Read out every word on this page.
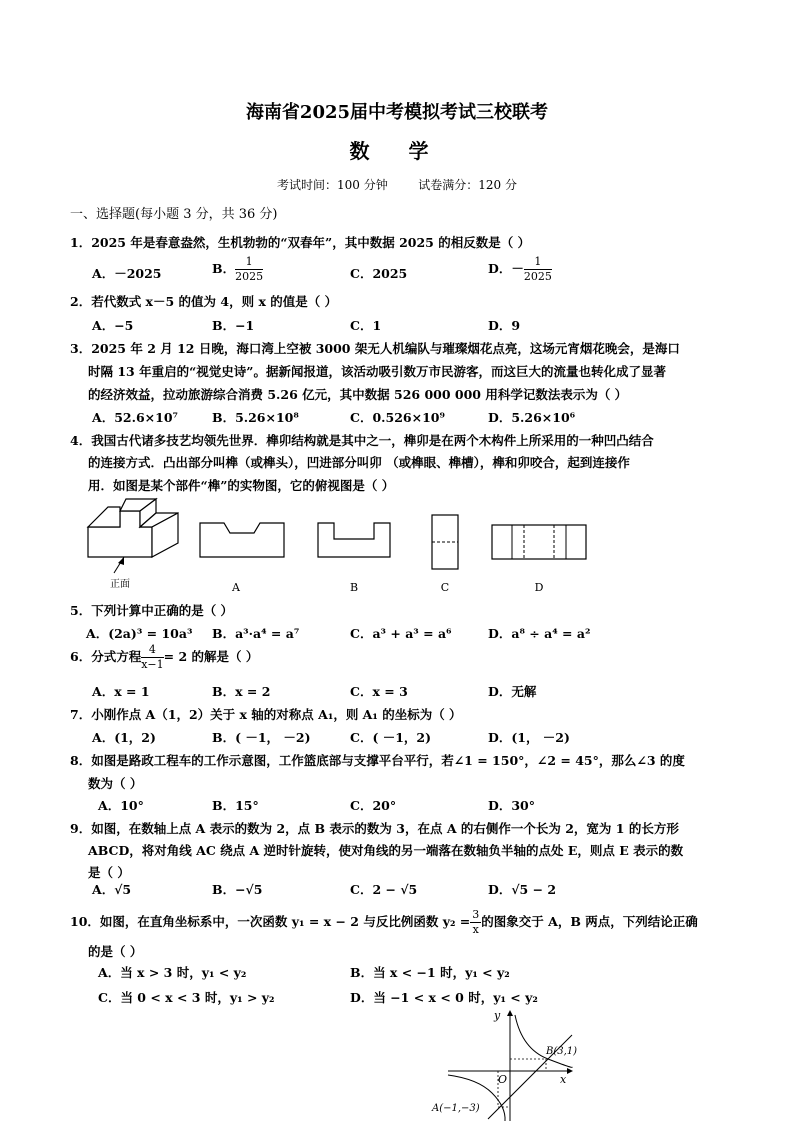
海南省2025届中考模拟考试三校联考
数 学
考试时间：100 分钟        试卷满分：120 分
一、选择题(每小题 3 分，共 36 分)
1．2025 年是春意盎然，生机勃勃的“双春年”，其中数据 2025 的相反数是（ ）
A．－2025	B． $\frac{1}{2025}$	C．2025	D．－ $\frac{1}{2025}$
2．若代数式 x－5 的值为 4，则 x 的值是（ ）
A．−5	B．−1	C．1	D．9
3．2025 年 2 月 12 日晚，海口湾上空被 3000 架无人机编队与璀璨烟花点亮，这场元宵烟花晚会，是海口
时隔 13 年重启的“视觉史诗”。据新闻报道，该活动吸引数万市民游客，而这巨大的流量也转化成了显著
的经济效益，拉动旅游综合消费 5.26 亿元，其中数据 526 000 000 用科学记数法表示为（ ）
A．52.6×10⁷	B．5.26×10⁸	C．0.526×10⁹	D．5.26×10⁶
4．我国古代诸多技艺均领先世界．榫卯结构就是其中之一，榫卯是在两个木构件上所采用的一种凹凸结合
的连接方式．凸出部分叫榫（或榫头），凹进部分叫卯 （或榫眼、榫槽），榫和卯咬合，起到连接作
用．如图是某个部件“榫”的实物图，它的俯视图是（ ）
正面	A	B	C	D
5．下列计算中正确的是（ ）
A．(2a)³ = 10a³ B．a³·a⁴ = a⁷	C．a³ + a³ = a⁶	D．a⁸ ÷ a⁴ = a²
6．分式方程 $\frac{4}{x-1} = 2$ 的解是（ ）
A．x = 1	B．x = 2	C．x = 3	D．无解
7．小刚作点 A（1，2）关于 x 轴的对称点 A₁，则 A₁ 的坐标为（ ）
A．(1，2)	B．( －1， －2)	C．( －1，2)	D．(1， －2)
8．如图是路政工程车的工作示意图，工作篮底部与支撑平台平行，若∠1 = 150°，∠2 = 45°，那么∠3 的度
数为（ ）
A．10°	B．15°	C．20°	D．30°
9．如图，在数轴上点 A 表示的数为 2，点 B 表示的数为 3，在点 A 的右侧作一个长为 2，宽为 1 的长方形
ABCD，将对角线 AC 绕点 A 逆时针旋转，使对角线的另一端落在数轴负半轴的点处 E，则点 E 表示的数
是（ ）
A．√5	B．−√5	C．2 − √5	D．√5 − 2
10．如图，在直角坐标系中，一次函数 y₁ = x − 2 与反比例函数 $y_2 = \frac{3}{x}$ 的图象交于 A，B 两点，下列结论正确
的是（ ）
A．当 x > 3 时，y₁ < y₂	B．当 x < −1 时，y₁ < y₂
C．当 0 < x < 3 时，y₁ > y₂	D．当 −1 < x < 0 时，y₁ < y₂
x
y
O
B(3,1)
A(−1,−3)
